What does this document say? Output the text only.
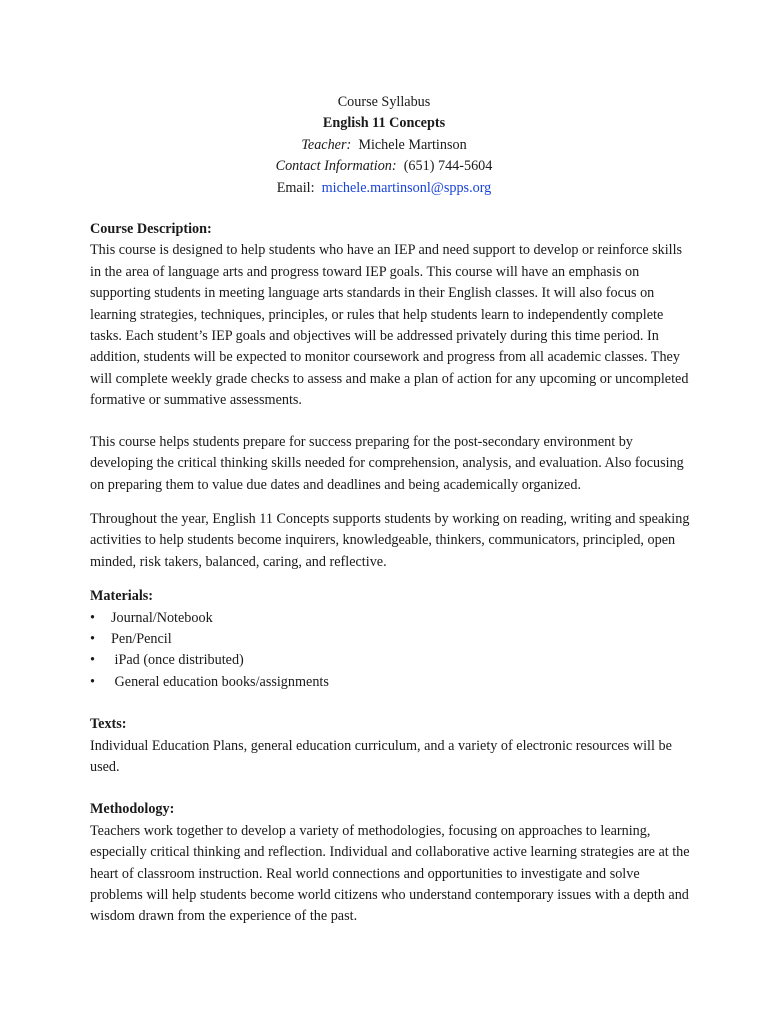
Course Syllabus
English 11 Concepts
Teacher: Michele Martinson
Contact Information: (651) 744-5604
Email: michele.martinsonl@spps.org
Course Description:

This course is designed to help students who have an IEP and need support to develop or reinforce skills in the area of language arts and progress toward IEP goals. This course will have an emphasis on supporting students in meeting language arts standards in their English classes. It will also focus on learning strategies, techniques, principles, or rules that help students learn to independently complete tasks. Each student’s IEP goals and objectives will be addressed privately during this time period. In addition, students will be expected to monitor coursework and progress from all academic classes. They will complete weekly grade checks to assess and make a plan of action for any upcoming or uncompleted formative or summative assessments.

This course helps students prepare for success preparing for the post-secondary environment by developing the critical thinking skills needed for comprehension, analysis, and evaluation. Also focusing on preparing them to value due dates and deadlines and being academically organized.

Throughout the year, English 11 Concepts supports students by working on reading, writing and speaking activities to help students become inquirers, knowledgeable, thinkers, communicators, principled, open minded, risk takers, balanced, caring, and reflective.

Materials:
• Journal/Notebook
• Pen/Pencil
• iPad (once distributed)
• General education books/assignments
Texts:

Individual Education Plans, general education curriculum, and a variety of electronic resources will be used.

Methodology:

Teachers work together to develop a variety of methodologies, focusing on approaches to learning, especially critical thinking and reflection. Individual and collaborative active learning strategies are at the heart of classroom instruction. Real world connections and opportunities to investigate and solve problems will help students become world citizens who understand contemporary issues with a depth and wisdom drawn from the experience of the past.
